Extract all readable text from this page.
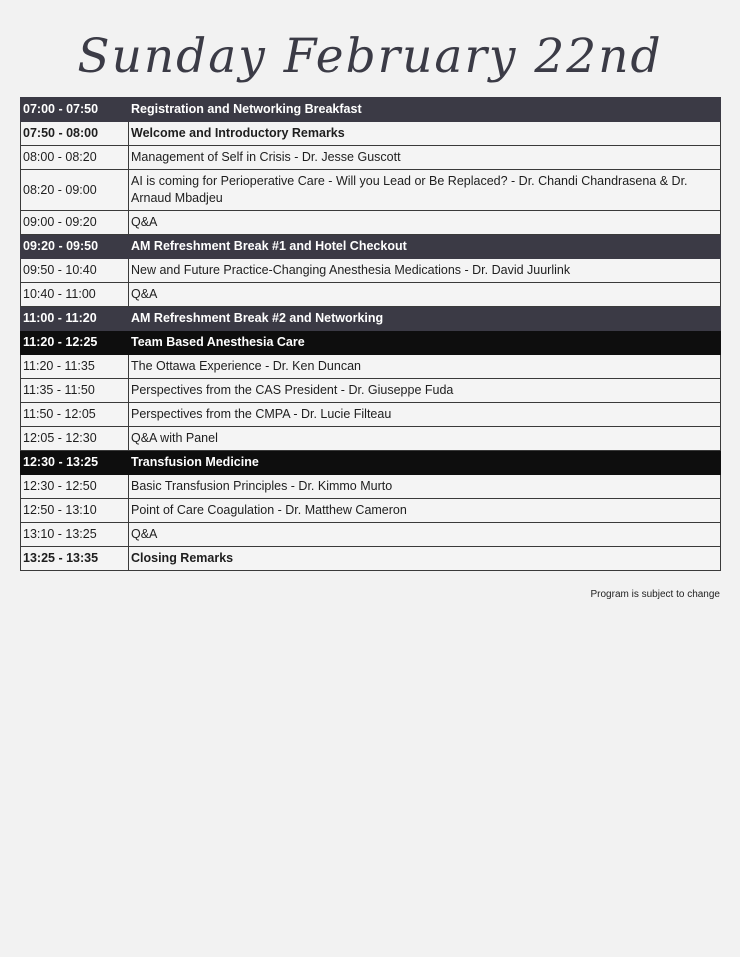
Sunday February 22nd
07:00 - 07:50	Registration and Networking Breakfast
07:50 - 08:00	Welcome and Introductory Remarks
08:00 - 08:20	Management of Self in Crisis - Dr. Jesse Guscott
08:20 - 09:00	AI is coming for Perioperative Care - Will you Lead or Be Replaced? - Dr. Chandi Chandrasena & Dr. Arnaud Mbadjeu
09:00 - 09:20	Q&A
09:20 - 09:50	AM Refreshment Break #1 and Hotel Checkout
09:50 - 10:40	New and Future Practice-Changing Anesthesia Medications - Dr. David Juurlink
10:40 - 11:00	Q&A
11:00 - 11:20	AM Refreshment Break #2 and Networking
11:20 - 12:25	Team Based Anesthesia Care
11:20 - 11:35	The Ottawa Experience - Dr. Ken Duncan
11:35 - 11:50	Perspectives from the CAS President - Dr. Giuseppe Fuda
11:50 - 12:05	Perspectives from the CMPA - Dr. Lucie Filteau
12:05 - 12:30	Q&A with Panel
12:30 - 13:25	Transfusion Medicine
12:30 - 12:50	Basic Transfusion Principles - Dr. Kimmo Murto
12:50 - 13:10	Point of Care Coagulation - Dr. Matthew Cameron
13:10 - 13:25	Q&A
13:25 - 13:35	Closing Remarks
Program is subject to change
